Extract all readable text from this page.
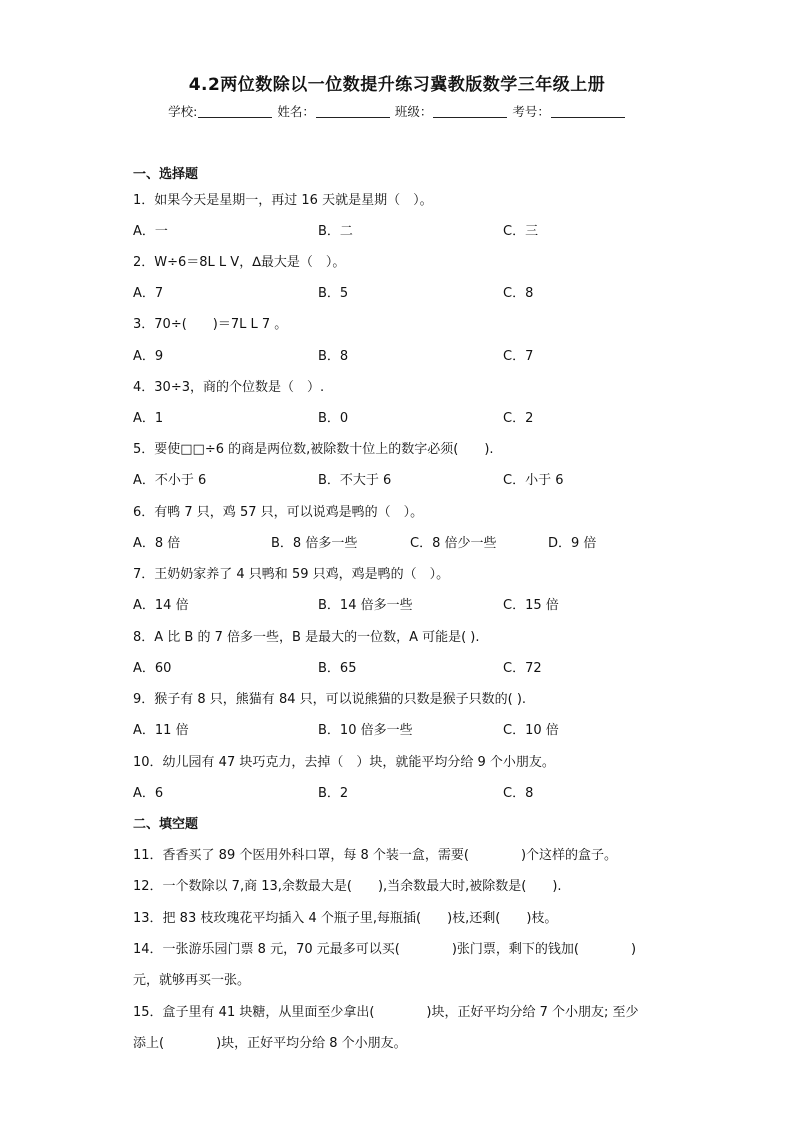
4.2两位数除以一位数提升练习冀教版数学三年级上册
学校:	姓名：	班级：	考号：
一、选择题
1．如果今天是星期一，再过 16 天就是星期（　）。
A．一	B．二	C．三
2．W÷6＝8L L V，∆最大是（　）。
A．7	B．5	C．8
3．70÷(　　)＝7L L 7 。
A．9	B．8	C．7
4．30÷3，商的个位数是（　）.
A．1	B．0	C．2
5．要使□□÷6 的商是两位数,被除数十位上的数字必须(　　).
A．不小于 6	B．不大于 6	C．小于 6
6．有鸭 7 只，鸡 57 只，可以说鸡是鸭的（　）。
A．8 倍	B．8 倍多一些	C．8 倍少一些	D．9 倍
7．王奶奶家养了 4 只鸭和 59 只鸡，鸡是鸭的（　）。
A．14 倍	B．14 倍多一些	C．15 倍
8．A 比 B 的 7 倍多一些，B 是最大的一位数，A 可能是( ).
A．60	B．65	C．72
9．猴子有 8 只，熊猫有 84 只，可以说熊猫的只数是猴子只数的( ).
A．11 倍	B．10 倍多一些	C．10 倍
10．幼儿园有 47 块巧克力，去掉（　）块，就能平均分给 9 个小朋友。
A．6	B．2	C．8
二、填空题
11．香香买了 89 个医用外科口罩，每 8 个装一盒，需要(　　　　)个这样的盒子。
12．一个数除以 7,商 13,余数最大是(　　),当余数最大时,被除数是(　　).
13．把 83 枝玫瑰花平均插入 4 个瓶子里,每瓶插(　　)枝,还剩(　　)枝。
14．一张游乐园门票 8 元，70 元最多可以买(　　　　)张门票，剩下的钱加(　　　　)
元，就够再买一张。
15．盒子里有 41 块糖，从里面至少拿出(　　　　)块，正好平均分给 7 个小朋友; 至少
添上(　　　　)块，正好平均分给 8 个小朋友。
